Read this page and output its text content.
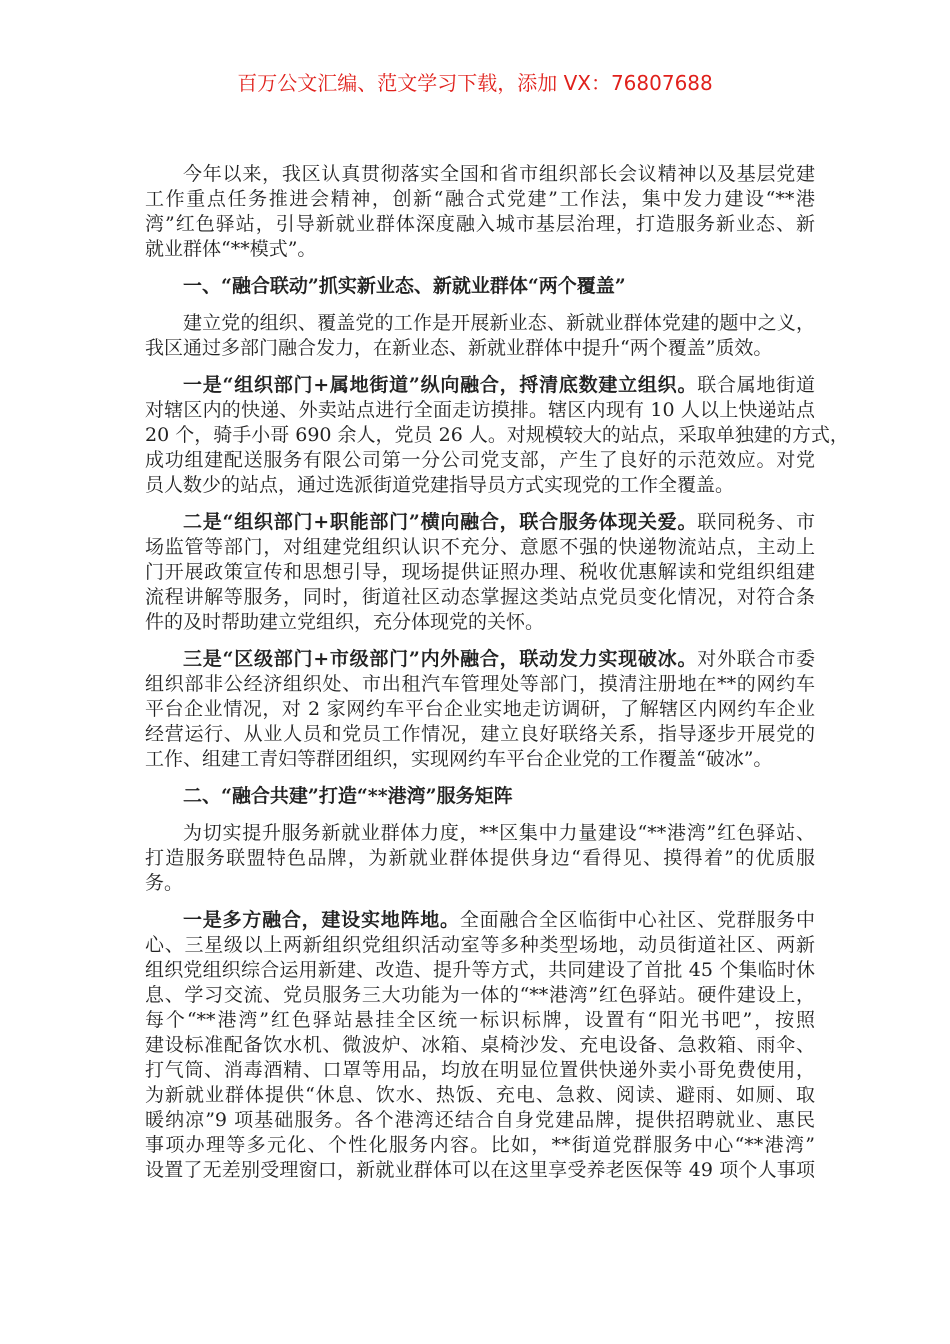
百万公文汇编、范文学习下载，添加 VX：76807688
今年以来，我区认真贯彻落实全国和省市组织部长会议精神以及基层党建
工作重点任务推进会精神，创新“融合式党建”工作法，集中发力建设“**港
湾”红色驿站，引导新就业群体深度融入城市基层治理，打造服务新业态、新
就业群体“**模式”。
一、“融合联动”抓实新业态、新就业群体“两个覆盖”
建立党的组织、覆盖党的工作是开展新业态、新就业群体党建的题中之义，
我区通过多部门融合发力，在新业态、新就业群体中提升“两个覆盖”质效。
一是“组织部门+属地街道”纵向融合，捋清底数建立组织。联合属地街道
对辖区内的快递、外卖站点进行全面走访摸排。辖区内现有 10 人以上快递站点
20 个，骑手小哥 690 余人，党员 26 人。对规模较大的站点，采取单独建的方式，
成功组建配送服务有限公司第一分公司党支部，产生了良好的示范效应。对党
员人数少的站点，通过选派街道党建指导员方式实现党的工作全覆盖。
二是“组织部门+职能部门”横向融合，联合服务体现关爱。联同税务、市
场监管等部门，对组建党组织认识不充分、意愿不强的快递物流站点，主动上
门开展政策宣传和思想引导，现场提供证照办理、税收优惠解读和党组织组建
流程讲解等服务，同时，街道社区动态掌握这类站点党员变化情况，对符合条
件的及时帮助建立党组织，充分体现党的关怀。
三是“区级部门+市级部门”内外融合，联动发力实现破冰。对外联合市委
组织部非公经济组织处、市出租汽车管理处等部门，摸清注册地在**的网约车
平台企业情况，对 2 家网约车平台企业实地走访调研，了解辖区内网约车企业
经营运行、从业人员和党员工作情况，建立良好联络关系，指导逐步开展党的
工作、组建工青妇等群团组织，实现网约车平台企业党的工作覆盖“破冰”。
二、“融合共建”打造“**港湾”服务矩阵
为切实提升服务新就业群体力度，**区集中力量建设“**港湾”红色驿站、
打造服务联盟特色品牌，为新就业群体提供身边“看得见、摸得着”的优质服
务。
一是多方融合，建设实地阵地。全面融合全区临街中心社区、党群服务中
心、三星级以上两新组织党组织活动室等多种类型场地，动员街道社区、两新
组织党组织综合运用新建、改造、提升等方式，共同建设了首批 45 个集临时休
息、学习交流、党员服务三大功能为一体的“**港湾”红色驿站。硬件建设上，
每个“**港湾”红色驿站悬挂全区统一标识标牌，设置有“阳光书吧”，按照
建设标准配备饮水机、微波炉、冰箱、桌椅沙发、充电设备、急救箱、雨伞、
打气筒、消毒酒精、口罩等用品，均放在明显位置供快递外卖小哥免费使用，
为新就业群体提供“休息、饮水、热饭、充电、急救、阅读、避雨、如厕、取
暖纳凉”9 项基础服务。各个港湾还结合自身党建品牌，提供招聘就业、惠民
事项办理等多元化、个性化服务内容。比如，**街道党群服务中心“**港湾”
设置了无差别受理窗口，新就业群体可以在这里享受养老医保等 49 项个人事项
